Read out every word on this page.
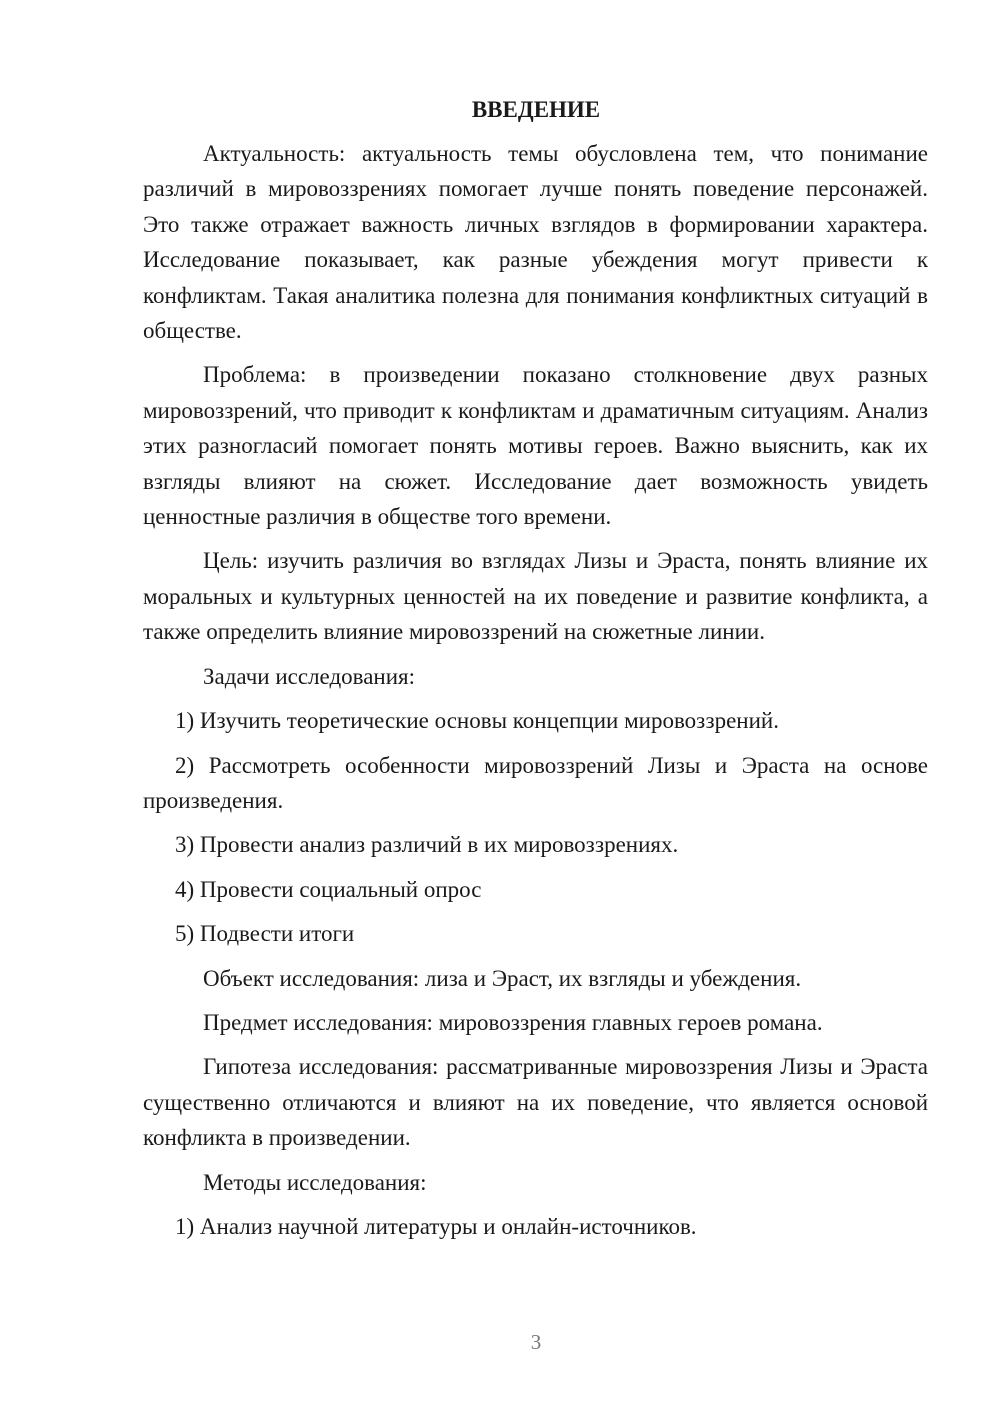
ВВЕДЕНИЕ

Актуальность: актуальность темы обусловлена тем, что понимание различий в мировоззрениях помогает лучше понять поведение персонажей. Это также отражает важность личных взглядов в формировании характера. Исследование показывает, как разные убеждения могут привести к конфликтам. Такая аналитика полезна для понимания конфликтных ситуаций в обществе.

Проблема: в произведении показано столкновение двух разных мировоззрений, что приводит к конфликтам и драматичным ситуациям. Анализ этих разногласий помогает понять мотивы героев. Важно выяснить, как их взгляды влияют на сюжет. Исследование дает возможность увидеть ценностные различия в обществе того времени.

Цель: изучить различия во взглядах Лизы и Эраста, понять влияние их моральных и культурных ценностей на их поведение и развитие конфликта, а также определить влияние мировоззрений на сюжетные линии.

Задачи исследования:

1) Изучить теоретические основы концепции мировоззрений.

2) Рассмотреть особенности мировоззрений Лизы и Эраста на основе произведения.

3) Провести анализ различий в их мировоззрениях.

4) Провести социальный опрос

5) Подвести итоги

Объект исследования: лиза и Эраст, их взгляды и убеждения.

Предмет исследования: мировоззрения главных героев романа.

Гипотеза исследования: рассматриванные мировоззрения Лизы и Эраста существенно отличаются и влияют на их поведение, что является основой конфликта в произведении.

Методы исследования:

1) Анализ научной литературы и онлайн-источников.

3
